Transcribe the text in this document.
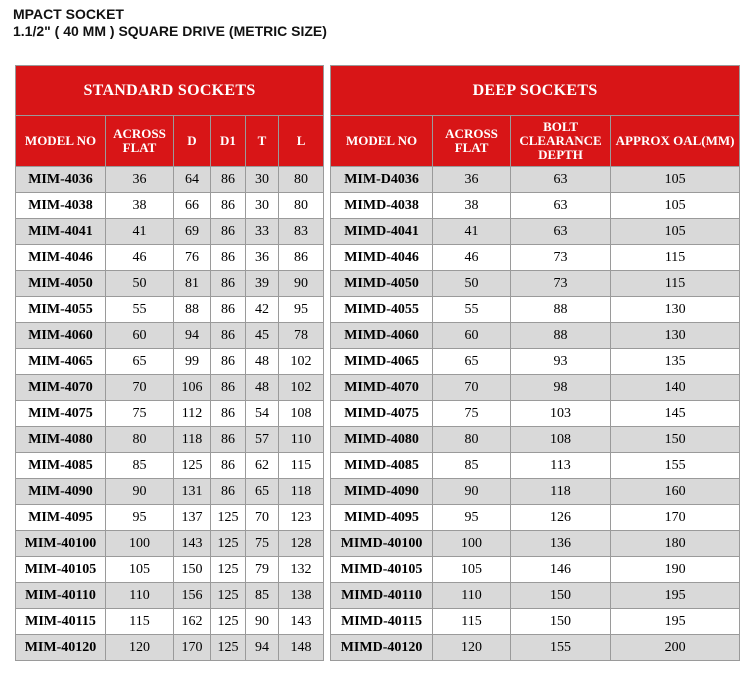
MPACT SOCKET
1.1/2" ( 40 MM ) SQUARE DRIVE (METRIC SIZE)
STANDARD SOCKETS							DEEP SOCKETS			
MODEL NO	ACROSS FLAT	D	D1	T	L		MODEL NO	ACROSS FLAT	BOLT CLEARANCE DEPTH	APPROX OAL(MM)
MIM-4036	36	64	86	30	80		MIM-D4036	36	63	105
MIM-4038	38	66	86	30	80		MIMD-4038	38	63	105
MIM-4041	41	69	86	33	83		MIMD-4041	41	63	105
MIM-4046	46	76	86	36	86		MIMD-4046	46	73	115
MIM-4050	50	81	86	39	90		MIMD-4050	50	73	115
MIM-4055	55	88	86	42	95		MIMD-4055	55	88	130
MIM-4060	60	94	86	45	78		MIMD-4060	60	88	130
MIM-4065	65	99	86	48	102		MIMD-4065	65	93	135
MIM-4070	70	106	86	48	102		MIMD-4070	70	98	140
MIM-4075	75	112	86	54	108		MIMD-4075	75	103	145
MIM-4080	80	118	86	57	110		MIMD-4080	80	108	150
MIM-4085	85	125	86	62	115		MIMD-4085	85	113	155
MIM-4090	90	131	86	65	118		MIMD-4090	90	118	160
MIM-4095	95	137	125	70	123		MIMD-4095	95	126	170
MIM-40100	100	143	125	75	128		MIMD-40100	100	136	180
MIM-40105	105	150	125	79	132		MIMD-40105	105	146	190
MIM-40110	110	156	125	85	138		MIMD-40110	110	150	195
MIM-40115	115	162	125	90	143		MIMD-40115	115	150	195
MIM-40120	120	170	125	94	148		MIMD-40120	120	155	200
